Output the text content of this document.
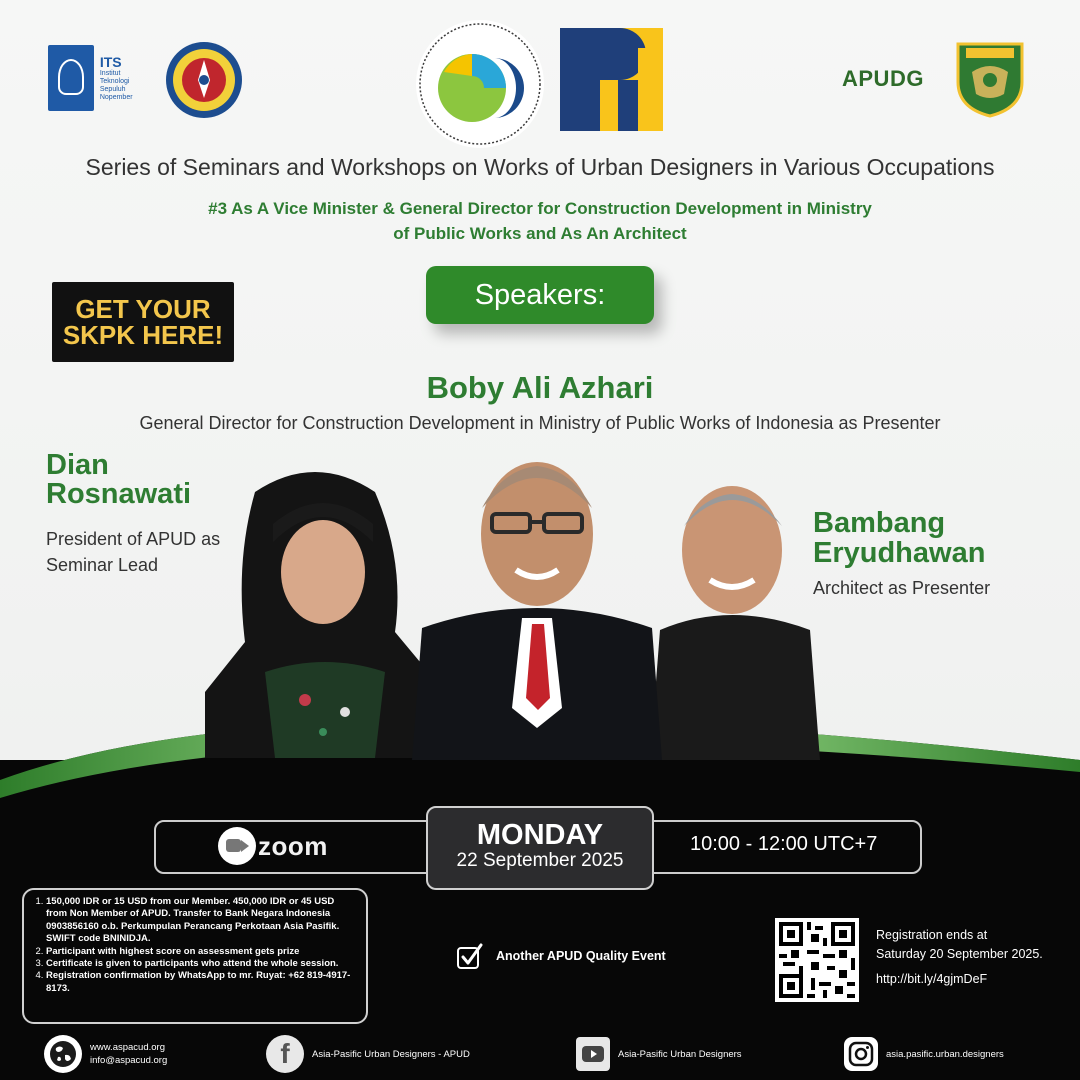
ITS
Institut
Teknologi
Sepuluh Nopember
APUDG
Series of Seminars and Workshops on Works of Urban Designers in Various Occupations
#3 As A Vice Minister & General Director for Construction Development in Ministry
of Public Works and As An Architect
GET YOUR
SKPK HERE!
Speakers:
Boby Ali Azhari
General Director for Construction Development in Ministry of Public Works of Indonesia as Presenter
Dian
Rosnawati
President of APUD as
Seminar Lead
Bambang
Eryudhawan
Architect as Presenter
zoom	MONDAY
22 September 2025
10:00 - 12:00 UTC+7
1. 150,000 IDR or 15 USD from our Member. 450,000 IDR or 45 USD from Non Member of APUD. Transfer to Bank Negara Indonesia 0903856160 o.b. Perkumpulan Perancang Perkotaan Asia Pasifik. SWIFT code BNINIDJA.
2. Participant with highest score on assessment gets prize
3. Certificate is given to participants who attend the whole session.
4. Registration confirmation by WhatsApp to mr. Ruyat: +62 819-4917-8173.
Another APUD Quality Event
Registration ends at
Saturday 20 September 2025.
http://bit.ly/4gjmDeF
www.aspacud.org
info@aspacud.org	f Asia-Pasific Urban Designers - APUD	Asia-Pasific Urban Designers	asia.pasific.urban.designers
